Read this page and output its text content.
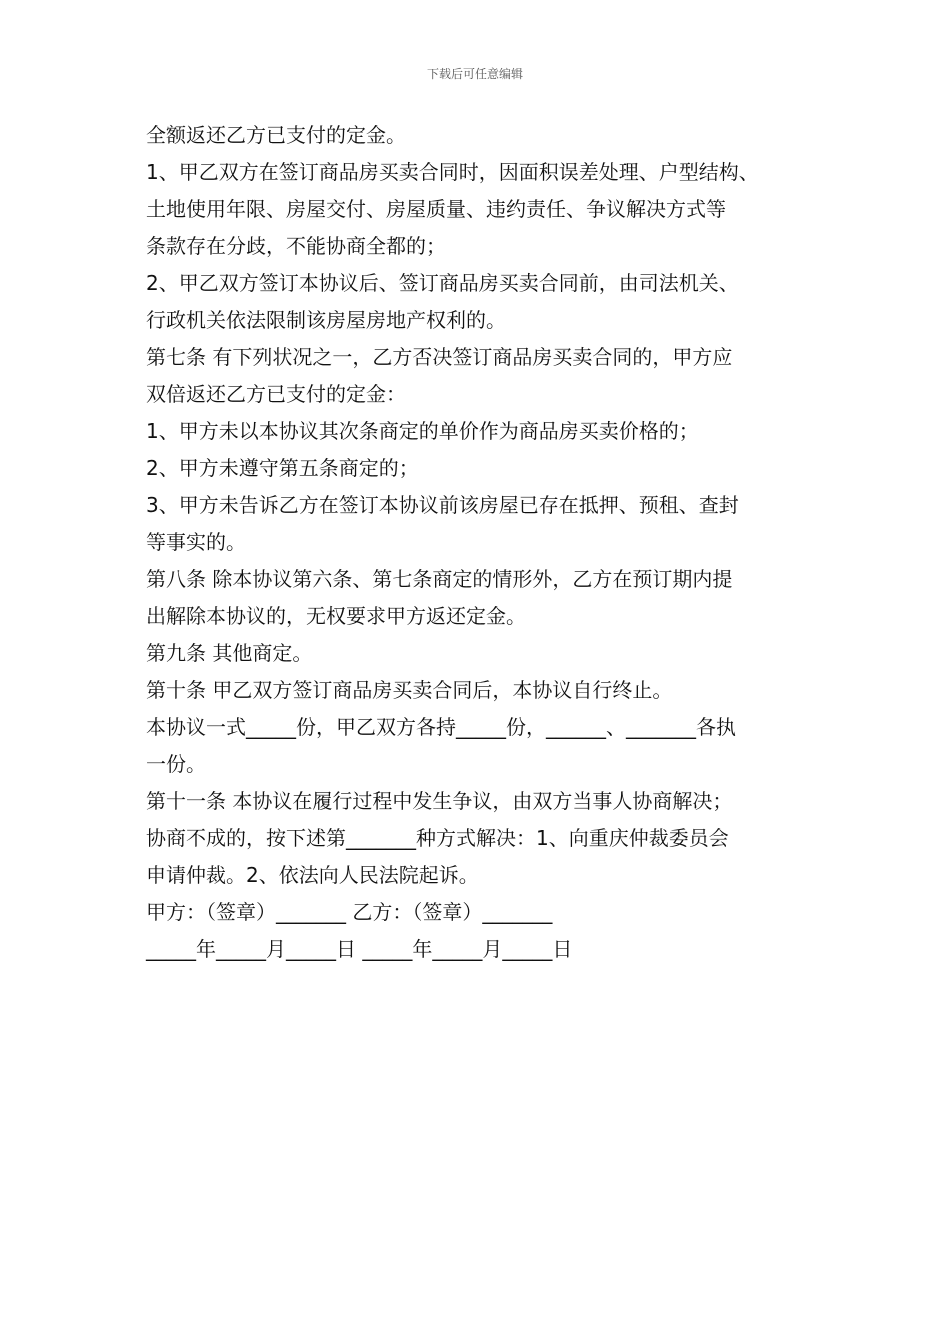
下载后可任意编辑
全额返还乙方已支付的定金。
1、甲乙双方在签订商品房买卖合同时，因面积误差处理、户型结构、
土地使用年限、房屋交付、房屋质量、违约责任、争议解决方式等
条款存在分歧，不能协商全都的；
2、甲乙双方签订本协议后、签订商品房买卖合同前，由司法机关、
行政机关依法限制该房屋房地产权利的。
第七条 有下列状况之一，乙方否决签订商品房买卖合同的，甲方应
双倍返还乙方已支付的定金：
1、甲方未以本协议其次条商定的单价作为商品房买卖价格的；
2、甲方未遵守第五条商定的；
3、甲方未告诉乙方在签订本协议前该房屋已存在抵押、预租、查封
等事实的。
第八条 除本协议第六条、第七条商定的情形外，乙方在预订期内提
出解除本协议的，无权要求甲方返还定金。
第九条 其他商定。
第十条 甲乙双方签订商品房买卖合同后，本协议自行终止。
本协议一式_____份，甲乙双方各持_____份，______、_______各执
一份。
第十一条 本协议在履行过程中发生争议，由双方当事人协商解决；
协商不成的，按下述第_______种方式解决：1、向重庆仲裁委员会
申请仲裁。2、依法向人民法院起诉。
甲方：（签章）_______ 乙方：（签章）_______
_____年_____月_____日 _____年_____月_____日
